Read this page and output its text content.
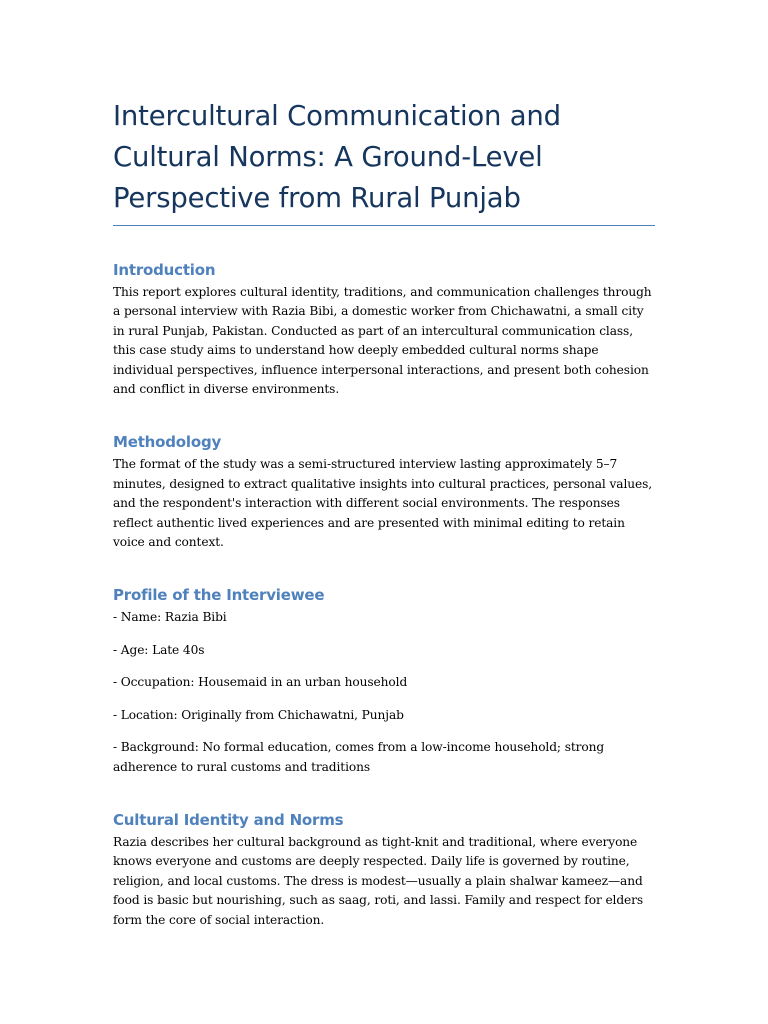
Intercultural Communication and Cultural Norms: A Ground-Level Perspective from Rural Punjab
Introduction

This report explores cultural identity, traditions, and communication challenges through a personal interview with Razia Bibi, a domestic worker from Chichawatni, a small city in rural Punjab, Pakistan. Conducted as part of an intercultural communication class, this case study aims to understand how deeply embedded cultural norms shape individual perspectives, influence interpersonal interactions, and present both cohesion and conflict in diverse environments.

Methodology

The format of the study was a semi-structured interview lasting approximately 5–7 minutes, designed to extract qualitative insights into cultural practices, personal values, and the respondent's interaction with different social environments. The responses reflect authentic lived experiences and are presented with minimal editing to retain voice and context.

Profile of the Interviewee

- Name: Razia Bibi

- Age: Late 40s

- Occupation: Housemaid in an urban household

- Location: Originally from Chichawatni, Punjab

- Background: No formal education, comes from a low-income household; strong adherence to rural customs and traditions

Cultural Identity and Norms

Razia describes her cultural background as tight-knit and traditional, where everyone knows everyone and customs are deeply respected. Daily life is governed by routine, religion, and local customs. The dress is modest—usually a plain shalwar kameez—and food is basic but nourishing, such as saag, roti, and lassi. Family and respect for elders form the core of social interaction.
